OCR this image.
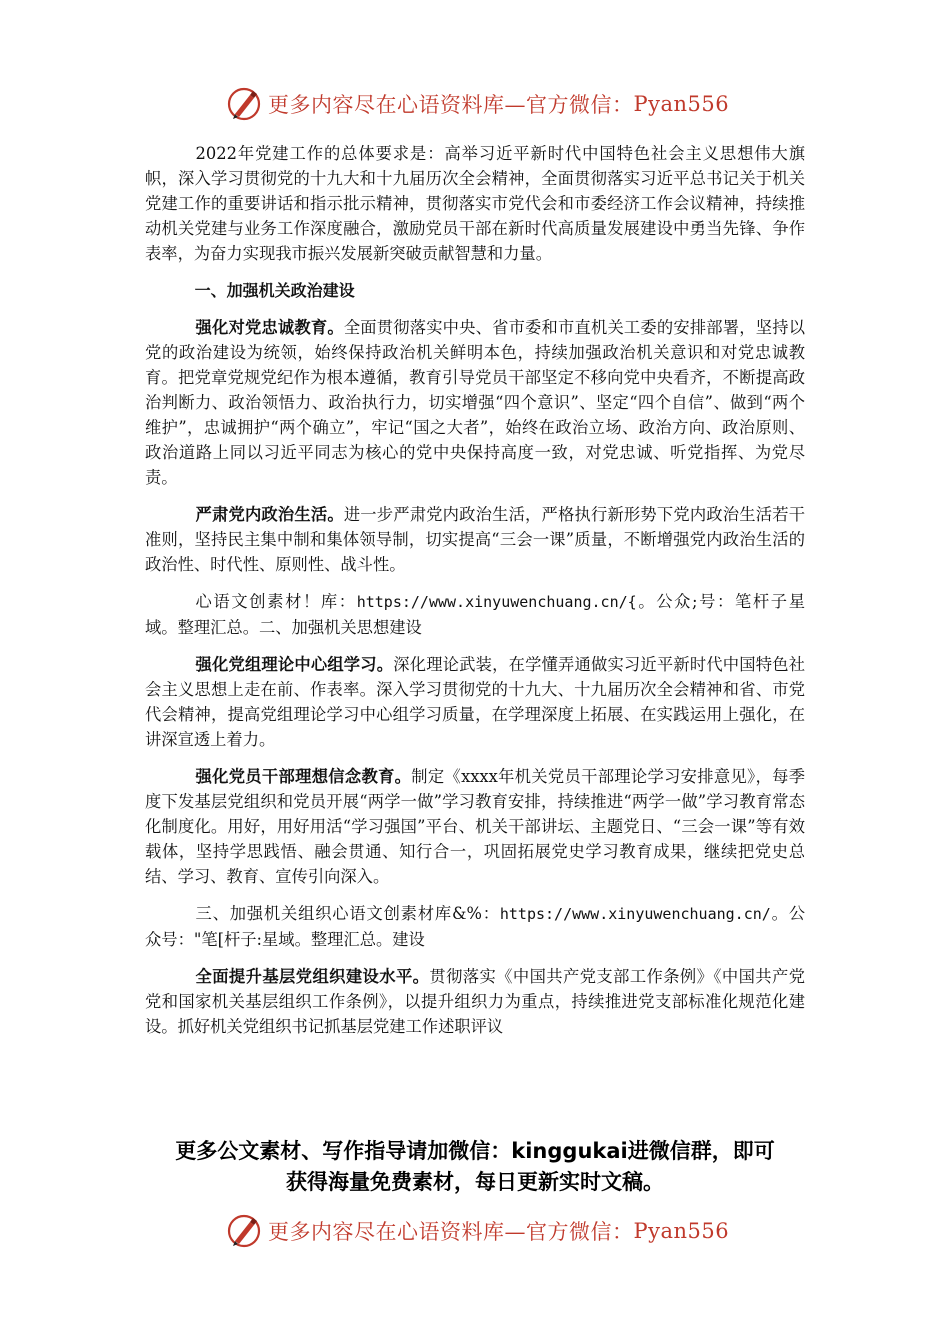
更多内容尽在心语资料库—官方微信： Pyan556

2022年党建工作的总体要求是：高举习近平新时代中国特色社会主义思想伟大旗帜，深入学习贯彻党的十九大和十九届历次全会精神，全面贯彻落实习近平总书记关于机关党建工作的重要讲话和指示批示精神，贯彻落实市党代会和市委经济工作会议精神，持续推动机关党建与业务工作深度融合，激励党员干部在新时代高质量发展建设中勇当先锋、争作表率，为奋力实现我市振兴发展新突破贡献智慧和力量。

一、加强机关政治建设

强化对党忠诚教育。全面贯彻落实中央、省市委和市直机关工委的安排部署，坚持以党的政治建设为统领，始终保持政治机关鲜明本色，持续加强政治机关意识和对党忠诚教育。把党章党规党纪作为根本遵循，教育引导党员干部坚定不移向党中央看齐，不断提高政治判断力、政治领悟力、政治执行力，切实增强“四个意识”、坚定“四个自信”、做到“两个维护”，忠诚拥护“两个确立”，牢记“国之大者”，始终在政治立场、政治方向、政治原则、政治道路上同以习近平同志为核心的党中央保持高度一致，对党忠诚、听党指挥、为党尽责。

严肃党内政治生活。进一步严肃党内政治生活，严格执行新形势下党内政治生活若干准则，坚持民主集中制和集体领导制，切实提高“三会一课”质量，不断增强党内政治生活的政治性、时代性、原则性、战斗性。

心语文创素材！库：https://www.xinyuwenchuang.cn/{。公众;号：笔杆子星域。整理汇总。二、加强机关思想建设

强化党组理论中心组学习。深化理论武装，在学懂弄通做实习近平新时代中国特色社会主义思想上走在前、作表率。深入学习贯彻党的十九大、十九届历次全会精神和省、市党代会精神，提高党组理论学习中心组学习质量，在学理深度上拓展、在实践运用上强化，在讲深宣透上着力。

强化党员干部理想信念教育。制定《xxxx年机关党员干部理论学习安排意见》，每季度下发基层党组织和党员开展“两学一做”学习教育安排，持续推进“两学一做”学习教育常态化制度化。用好，用好用活“学习强国”平台、机关干部讲坛、主题党日、“三会一课”等有效载体，坚持学思践悟、融会贯通、知行合一，巩固拓展党史学习教育成果，继续把党史总结、学习、教育、宣传引向深入。

三、加强机关组织心语文创素材库&%：https://www.xinyuwenchuang.cn/。公众号："笔[杆子:星域。整理汇总。建设

全面提升基层党组织建设水平。贯彻落实《中国共产党支部工作条例》《中国共产党党和国家机关基层组织工作条例》，以提升组织力为重点，持续推进党支部标准化规范化建设。抓好机关党组织书记抓基层党建工作述职评议

更多公文素材、写作指导请加微信：kinggukai进微信群，即可
获得海量免费素材，每日更新实时文稿。
更多内容尽在心语资料库—官方微信： Pyan556
